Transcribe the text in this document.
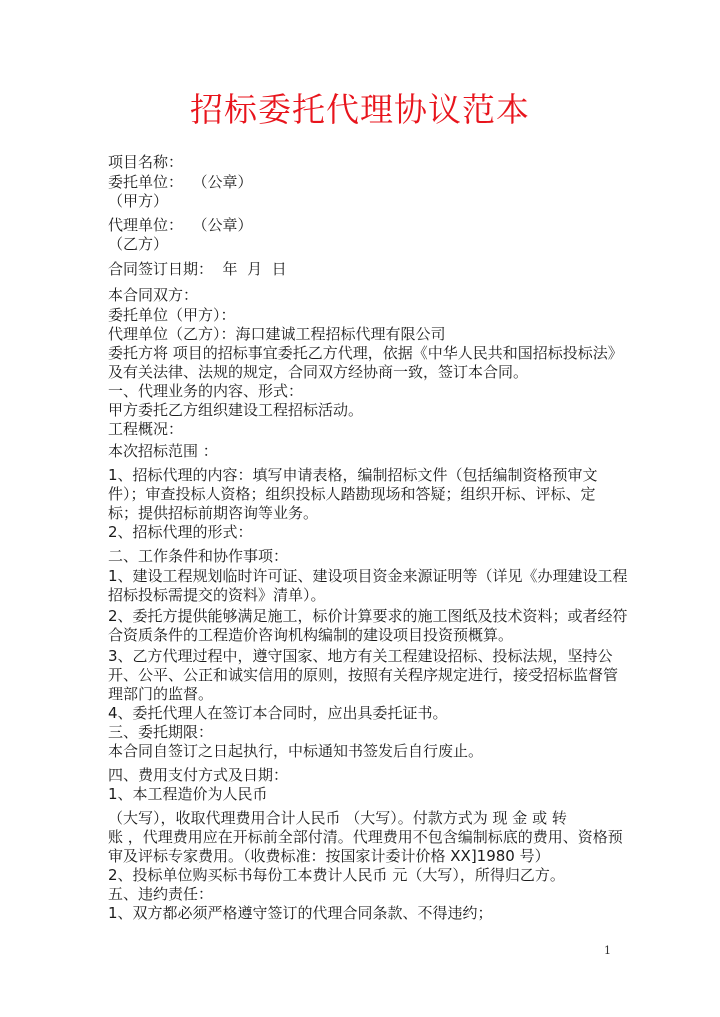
招标委托代理协议范本
项目名称：
委托单位：  （公章）
（甲方）
代理单位：  （公章）
（乙方）
合同签订日期：  年  月  日
本合同双方：
委托单位（甲方）：
代理单位（乙方）：海口建诚工程招标代理有限公司
委托方将 项目的招标事宜委托乙方代理，依据《中华人民共和国招标投标法》
及有关法律、法规的规定，合同双方经协商一致，签订本合同。
一、代理业务的内容、形式：
甲方委托乙方组织建设工程招标活动。
工程概况：
本次招标范围 ：
1、招标代理的内容：填写申请表格，编制招标文件（包括编制资格预审文
件）；审查投标人资格；组织投标人踏勘现场和答疑；组织开标、评标、定
标；提供招标前期咨询等业务。
2、招标代理的形式：
二、工作条件和协作事项：
1、建设工程规划临时许可证、建设项目资金来源证明等（详见《办理建设工程
招标投标需提交的资料》清单）。
2、委托方提供能够满足施工，标价计算要求的施工图纸及技术资料；或者经符
合资质条件的工程造价咨询机构编制的建设项目投资预概算。
3、乙方代理过程中，遵守国家、地方有关工程建设招标、投标法规，坚持公
开、公平、公正和诚实信用的原则，按照有关程序规定进行，接受招标监督管
理部门的监督。
4、委托代理人在签订本合同时，应出具委托证书。
三、委托期限：
本合同自签订之日起执行，中标通知书签发后自行废止。
四、费用支付方式及日期：
1、本工程造价为人民币
（大写），收取代理费用合计人民币 （大写）。付款方式为 现 金 或 转
账 ，代理费用应在开标前全部付清。代理费用不包含编制标底的费用、资格预
审及评标专家费用。（收费标准：按国家计委计价格 XX]1980 号）
2、投标单位购买标书每份工本费计人民币 元（大写），所得归乙方。
五、违约责任：
1、双方都必须严格遵守签订的代理合同条款、不得违约；
1
